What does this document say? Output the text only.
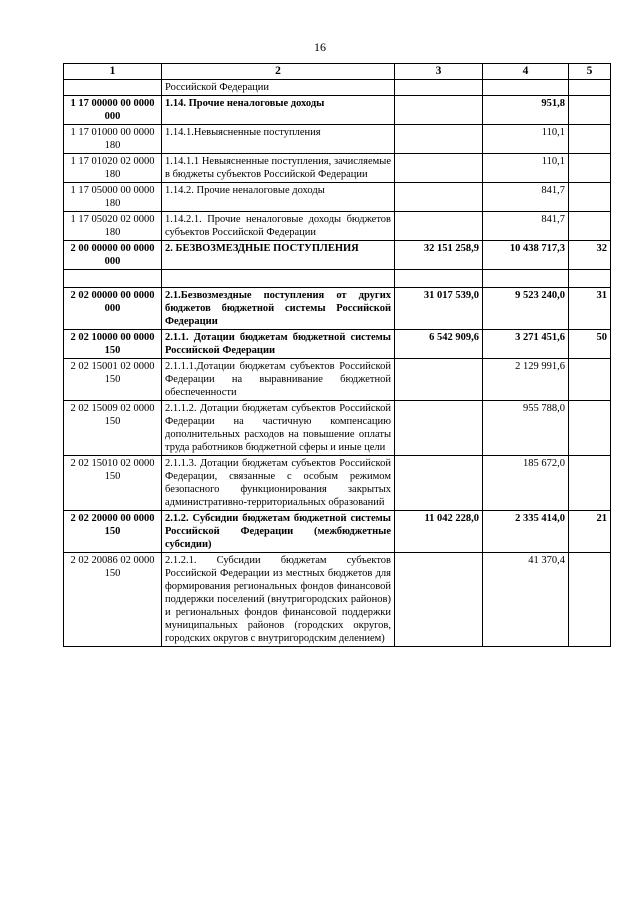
16
1	2	3	4	5
	Российской Федерации			
1 17 00000 00 0000 000	1.14. Прочие неналоговые доходы		951,8	
1 17 01000 00 0000 180	1.14.1.Невыясненные поступления		110,1	
1 17 01020 02 0000 180	1.14.1.1 Невыясненные поступления, зачисляемые в бюджеты субъектов Российской Федерации		110,1	
1 17 05000 00 0000 180	1.14.2. Прочие неналоговые доходы		841,7	
1 17 05020 02 0000 180	1.14.2.1. Прочие неналоговые доходы бюджетов субъектов Российской Федерации		841,7	
2 00 00000 00 0000 000	2. БЕЗВОЗМЕЗДНЫЕ ПОСТУПЛЕНИЯ	32 151 258,9	10 438 717,3	32

2 02 00000 00 0000 000	2.1.Безвозмездные поступления от других бюджетов бюджетной системы Российской Федерации	31 017 539,0	9 523 240,0	31
2 02 10000 00 0000 150	2.1.1. Дотации бюджетам бюджетной системы Российской Федерации	6 542 909,6	3 271 451,6	50
2 02 15001 02 0000 150	2.1.1.1.Дотации бюджетам субъектов Российской Федерации на выравнивание бюджетной обеспеченности		2 129 991,6	
2 02 15009 02 0000 150	2.1.1.2. Дотации бюджетам субъектов Российской Федерации на частичную компенсацию дополнительных расходов на повышение оплаты труда работников бюджетной сферы и иные цели		955 788,0	
2 02 15010 02 0000 150	2.1.1.3. Дотации бюджетам субъектов Российской Федерации, связанные с особым режимом безопасного функционирования закрытых административно-территориальных образований		185 672,0	
2 02 20000 00 0000 150	2.1.2. Субсидии бюджетам бюджетной системы Российской Федерации (межбюджетные субсидии)	11 042 228,0	2 335 414,0	21
2 02 20086 02 0000 150	2.1.2.1. Субсидии бюджетам субъектов Российской Федерации из местных бюджетов для формирования региональных фондов финансовой поддержки поселений (внутригородских районов) и региональных фондов финансовой поддержки муниципальных районов (городских округов, городских округов с внутригородским делением)		41 370,4	
